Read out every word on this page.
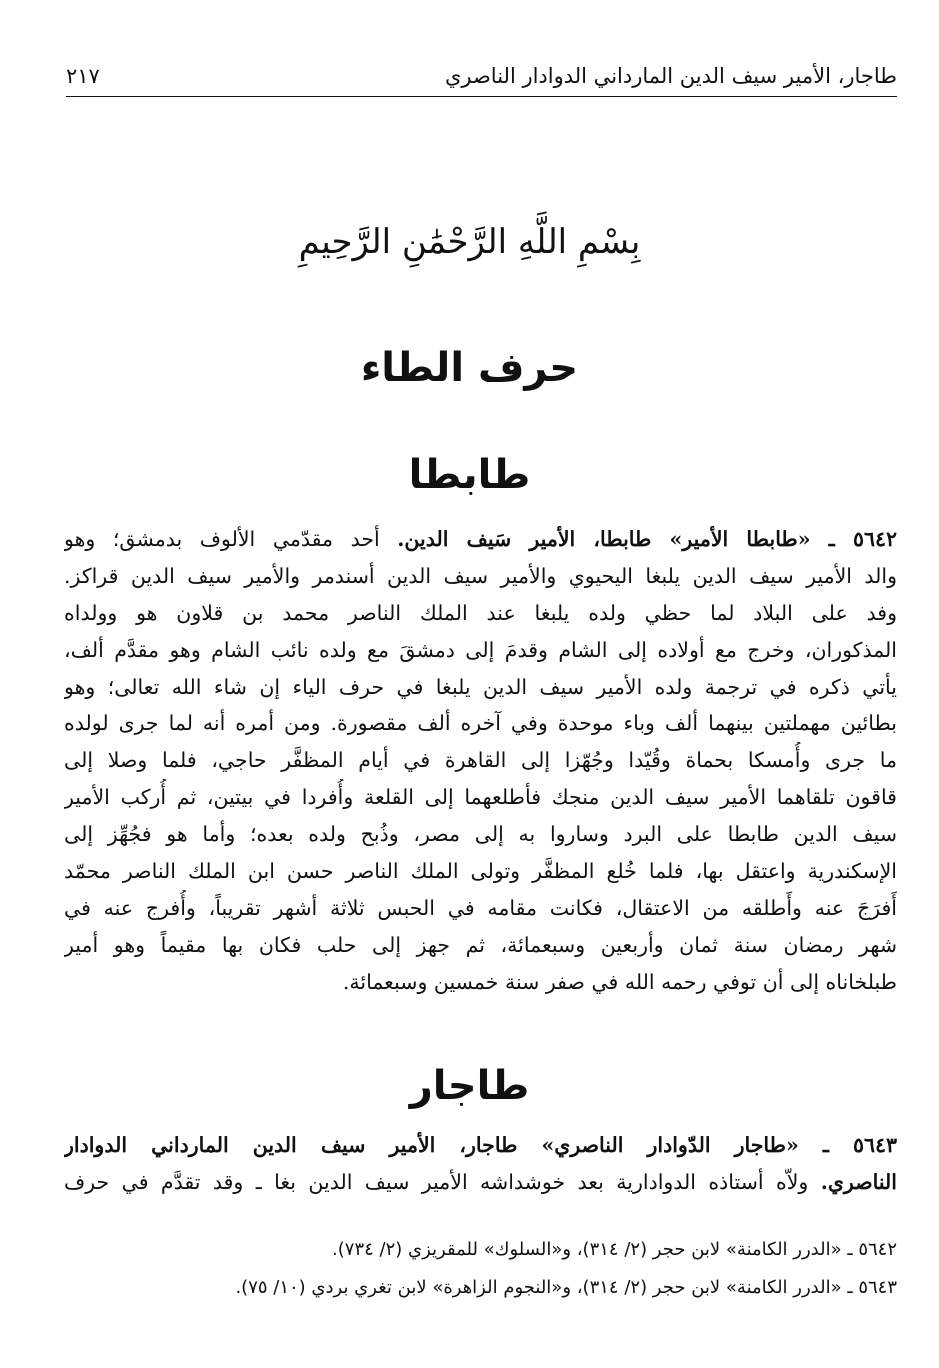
طاجار، الأمير سيف الدين المارداني الدوادار الناصري
٢١٧
بِسْمِ اللَّهِ الرَّحْمَٰنِ الرَّحِيمِ
حرف الطاء
طابطا
٥٦٤٢ ـ «طابطا الأمير» طابطا، الأمير سَيف الدين. أحد مقدّمي الألوف بدمشق؛ وهو
والد الأمير سيف الدين يلبغا اليحيوي والأمير سيف الدين أسندمر والأمير سيف الدين قراكز.
وفد على البلاد لما حظي ولده يلبغا عند الملك الناصر محمد بن قلاون هو وولداه
المذكوران، وخرج مع أولاده إلى الشام وقدمَ إلى دمشقَ مع ولده نائب الشام وهو مقدَّم ألف،
يأتي ذكره في ترجمة ولده الأمير سيف الدين يلبغا في حرف الياء إن شاء الله تعالى؛ وهو
بطائين مهملتين بينهما ألف وباء موحدة وفي آخره ألف مقصورة. ومن أمره أنه لما جرى لولده
ما جرى وأُمسكا بحماة وقُيّدا وجُهّزا إلى القاهرة في أيام المظفَّر حاجي، فلما وصلا إلى
قاقون تلقاهما الأمير سيف الدين منجك فأطلعهما إلى القلعة وأُفردا في بيتين، ثم أُركب الأمير
سيف الدين طابطا على البرد وساروا به إلى مصر، وذُبح ولده بعده؛ وأما هو فجُهِّز إلى
الإسكندرية واعتقل بها، فلما خُلع المظفَّر وتولى الملك الناصر حسن ابن الملك الناصر محمّد
أَفرَجَ عنه وأَطلقه من الاعتقال، فكانت مقامه في الحبس ثلاثة أشهر تقريباً، وأُفرج عنه في
شهر رمضان سنة ثمان وأربعين وسبعمائة، ثم جهز إلى حلب فكان بها مقيماً وهو أمير
طبلخاناه إلى أن توفي رحمه الله في صفر سنة خمسين وسبعمائة.
طاجار
٥٦٤٣ ـ «طاجار الدّوادار الناصري» طاجار، الأمير سيف الدين المارداني الدوادار
الناصري. ولاّه أستاذه الدوادارية بعد خوشداشه الأمير سيف الدين بغا ـ وقد تقدَّم في حرف
٥٦٤٢ ـ «الدرر الكامنة» لابن حجر (٢/ ٣١٤)، و«السلوك» للمقريزي (٢/ ٧٣٤).
٥٦٤٣ ـ «الدرر الكامنة» لابن حجر (٢/ ٣١٤)، و«النجوم الزاهرة» لابن تغري بردي (١٠/ ٧٥).
